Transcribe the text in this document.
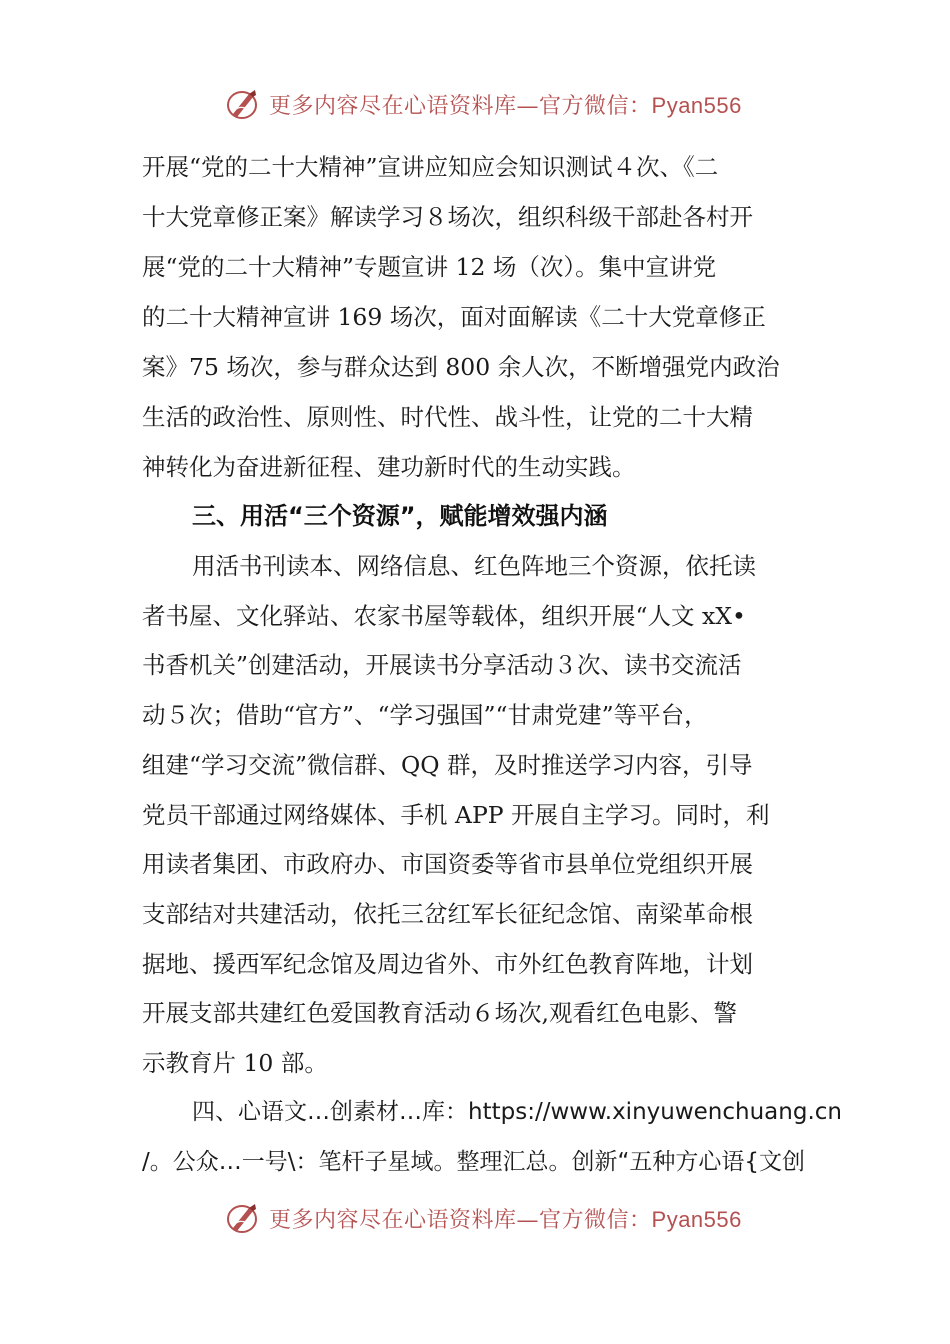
更多内容尽在心语资料库—官方微信：Pyan556
开展“党的二十大精神”宣讲应知应会知识测试４次、《二
十大党章修正案》解读学习８场次，组织科级干部赴各村开
展“党的二十大精神”专题宣讲 12 场（次）。集中宣讲党
的二十大精神宣讲 169 场次，面对面解读《二十大党章修正
案》75 场次，参与群众达到 800 余人次，不断增强党内政治
生活的政治性、原则性、时代性、战斗性，让党的二十大精
神转化为奋进新征程、建功新时代的生动实践。
三、用活“三个资源”，赋能增效强内涵
用活书刊读本、网络信息、红色阵地三个资源，依托读
者书屋、文化驿站、农家书屋等载体，组织开展“人文 xX•
书香机关”创建活动，开展读书分享活动３次、读书交流活
动５次；借助“官方”、“学习强国”“甘肃党建”等平台，
组建“学习交流”微信群、QQ 群，及时推送学习内容，引导
党员干部通过网络媒体、手机 APP 开展自主学习。同时，利
用读者集团、市政府办、市国资委等省市县单位党组织开展
支部结对共建活动，依托三岔红军长征纪念馆、南梁革命根
据地、援西军纪念馆及周边省外、市外红色教育阵地，计划
开展支部共建红色爱国教育活动６场次,观看红色电影、警
示教育片 10 部。
四、心语文…创素材…库：https://www.xinyuwenchuang.cn
/。公众…一号\：笔杆子星域。整理汇总。创新“五种方心语{文创
更多内容尽在心语资料库—官方微信：Pyan556
